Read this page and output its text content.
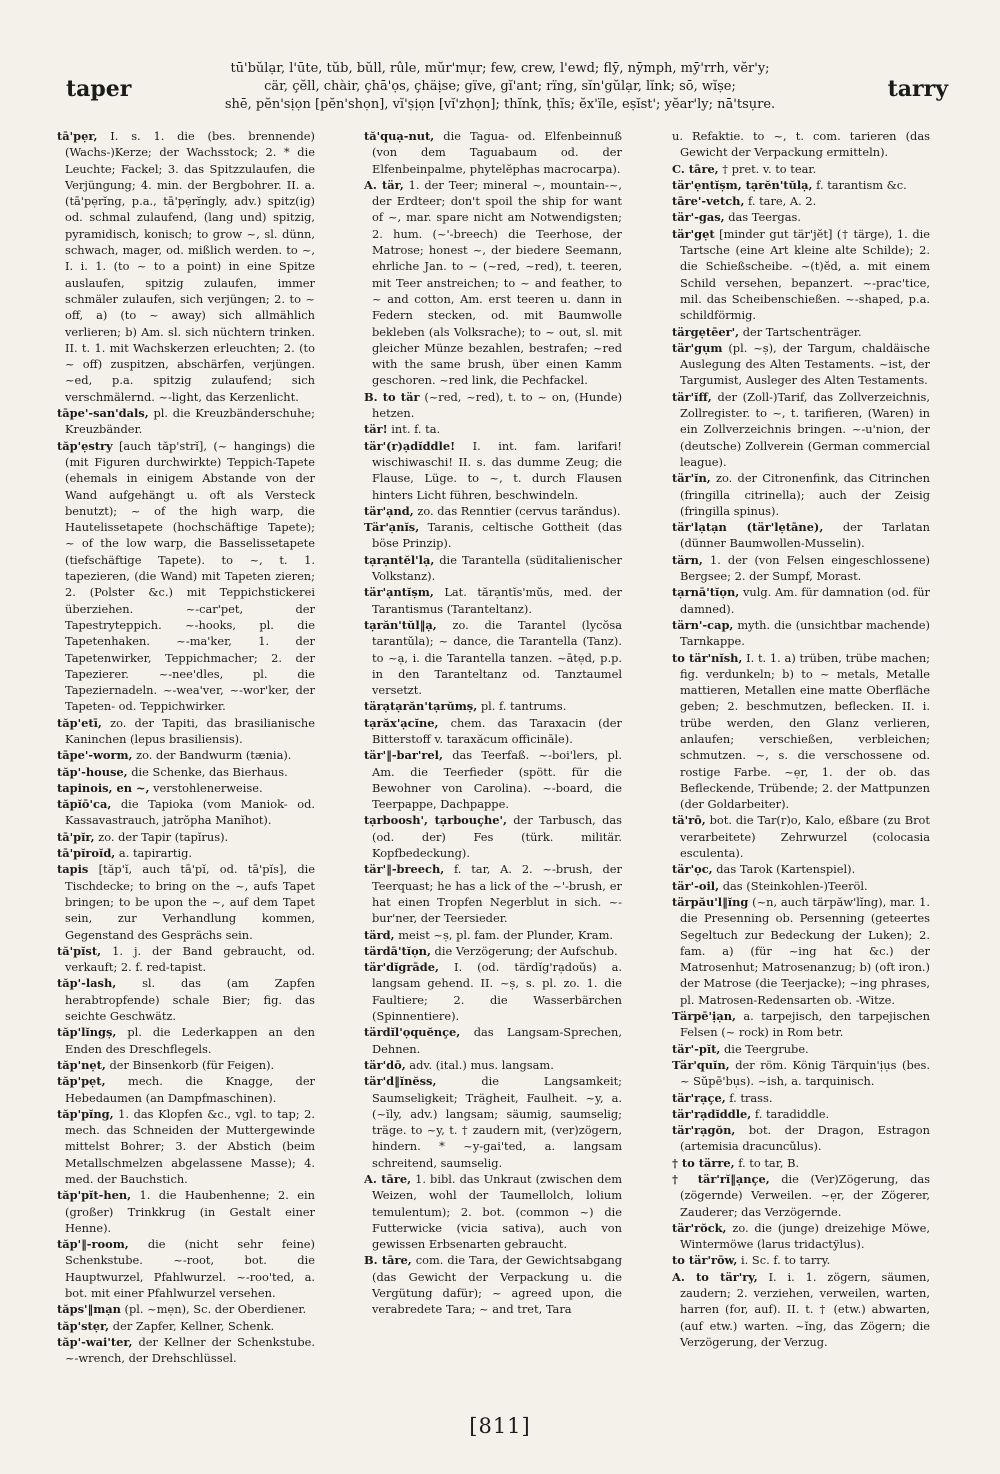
taper
tū'bŭlạr, l'ūte, tŭb, bŭll, rûle, mŭr'mụr; few, crew, l'ewd; flȳ, nȳmph, mȳ'rrh, vĕr'y;
cär, çĕll, chàir, çhā'ọs, çhäịse; gïve, gĭ'ant; rïng, sĭn'gŭlạr, lĭnk; sō, wĭṣe;
shē, pĕn'sịọn [pĕn'shọn], vĭ'ṣịọn [vĭ'zhọn]; thĭnk, ṭhĭs; ĕx'ïle, eṣĭst'; yĕar'ly; nā'tsụre.
tarry

tā'pẹr, I. s. 1. die (bes. brennende) (Wachs-)Kerze; der Wachsstock; 2. * die Leuchte; Fackel; 3. das Spitzzulaufen, die Verjüngung; 4. min. der Bergbohrer. II. a. (tā'pẹrĭng, p.a., tā'pẹrĭngly, adv.) spitz(ig) od. schmal zulaufend, (lang und) spitzig, pyramidisch, konisch; to grow ~, sl. dünn, schwach, mager, od. mißlich werden. to ~, I. i. 1. (to ~ to a point) in eine Spitze auslaufen, spitzig zulaufen, immer schmäler zulaufen, sich verjüngen; 2. to ~ off, a) (to ~ away) sich allmählich verlieren; b) Am. sl. sich nüchtern trinken. II. t. 1. mit Wachskerzen erleuchten; 2. (to ~ off) zuspitzen, abschärfen, verjüngen. ~ed, p.a. spitzig zulaufend; sich verschmälernd. ~-light, das Kerzenlicht.

tāpe'-san'dals, pl. die Kreuzbänderschuhe; Kreuzbänder.

tăp'ẹstry [auch tăp'strĭ], (~ hangings) die (mit Figuren durchwirkte) Teppich-Tapete (ehemals in einigem Abstande von der Wand aufgehängt u. oft als Versteck benutzt); ~ of the high warp, die Hautelissetapete (hochschäftige Tapete); ~ of the low warp, die Basselissetapete (tiefschäftige Tapete). to ~, t. 1. tapezieren, (die Wand) mit Tapeten zieren; 2. (Polster &c.) mit Teppichstickerei überziehen. ~-car'pet, der Tapestryteppich. ~-hooks, pl. die Tapetenhaken. ~-ma'ker, 1. der Tapetenwirker, Teppichmacher; 2. der Tapezierer. ~-nee'dles, pl. die Tapeziernadeln. ~-wea'ver, ~-wor'ker, der Tapeten- od. Teppichwirker.

tăp'etī, zo. der Tapiti, das brasilianische Kaninchen (lepus brasiliensis).

tāpe'-worm, zo. der Bandwurm (tænia).

tăp'-house, die Schenke, das Bierhaus.

tapinois, en ~, verstohlenerweise.

tăpĭō'ca, die Tapioka (vom Maniok- od. Kassavastrauch, jatrŏpha Manĭhot).

tā'pĭr, zo. der Tapir (tapĭrus).

tā'pĭroĭd, a. tapirartig.

tapis [tăp'ĭ, auch tā'pĭ, od. tā'pĭs], die Tischdecke; to bring on the ~, aufs Tapet bringen; to be upon the ~, auf dem Tapet sein, zur Verhandlung kommen, Gegenstand des Gesprächs sein.

tă'pĭst, 1. j. der Band gebraucht, od. verkauft; 2. f. red-tapist.

tăp'-lash, sl. das (am Zapfen herabtropfende) schale Bier; fig. das seichte Geschwätz.

tăp'lĭngṣ, pl. die Lederkappen an den Enden des Dreschflegels.

tăp'nẹt, der Binsenkorb (für Feigen).

tăp'pẹt, mech. die Knagge, der Hebedaumen (an Dampfmaschinen).

tăp'pĭng, 1. das Klopfen &c., vgl. to tap; 2. mech. das Schneiden der Muttergewinde mittelst Bohrer; 3. der Abstich (beim Metallschmelzen abgelassene Masse); 4. med. der Bauchstich.

tăp'pĭt-hen, 1. die Haubenhenne; 2. ein (großer) Trinkkrug (in Gestalt einer Henne).

tăp'‖-room, die (nicht sehr feine) Schenkstube. ~-root, bot. die Hauptwurzel, Pfahlwurzel. ~-roo'ted, a. bot. mit einer Pfahlwurzel versehen.

tăps'‖mạn (pl. ~mẹn), Sc. der Oberdiener.

tăp'stẹr, der Zapfer, Kellner, Schenk.

tăp'-wai'ter, der Kellner der Schenkstube. ~-wrench, der Drehschlüssel.

tă'quạ-nut, die Tagua- od. Elfenbeinnuß (von dem Taguabaum od. der Elfenbeinpalme, phytelĕphas macrocarpa).

A. tär, 1. der Teer; mineral ~, mountain-~, der Erdteer; don't spoil the ship for want of ~, mar. spare nicht am Notwendigsten; 2. hum. (~'-breech) die Teerhose, der Matrose; honest ~, der biedere Seemann, ehrliche Jan. to ~ (~red, ~red), t. teeren, mit Teer anstreichen; to ~ and feather, to ~ and cotton, Am. erst teeren u. dann in Federn stecken, od. mit Baumwolle bekleben (als Volksrache); to ~ out, sl. mit gleicher Münze bezahlen, bestrafen; ~red with the same brush, über einen Kamm geschoren. ~red link, die Pechfackel.

B. to tär (~red, ~red), t. to ~ on, (Hunde) hetzen.

tär! int. f. ta.

tär'(r)ạdĭddle! I. int. fam. larifari! wischiwaschi! II. s. das dumme Zeug; die Flause, Lüge. to ~, t. durch Flausen hinters Licht führen, beschwindeln.

tär'ạnd, zo. das Renntier (cervus tarăndus).

Tär'ạnĭs, Taranis, celtische Gottheit (das böse Prinzip).

tạrạntĕl'lạ, die Tarantella (süditalienischer Volkstanz).

tär'ạntĭṣm, Lat. tărạntĭs'mŭs, med. der Tarantismus (Taranteltanz).

tạrăn'tŭl‖ạ, zo. die Tarantel (lycŏsa tarantŭla); ~ dance, die Tarantella (Tanz). to ~ạ, i. die Tarantella tanzen. ~ātẹd, p.p. in den Taranteltanz od. Tanztaumel versetzt.

tärạtạrăn'tạrŭmṣ, pl. f. tantrums.

tạrăx'ạcĭne, chem. das Taraxacin (der Bitterstoff v. taraxăcum officināle).

tär'‖-bar'rel, das Teerfaß. ~-boi'lers, pl. Am. die Teerfieder (spött. für die Bewohner von Carolina). ~-board, die Teerpappe, Dachpappe.

tạrboosh', tạrbouçhe', der Tarbusch, das (od. der) Fes (türk. militär. Kopfbedeckung).

tär'‖-breech, f. tar, A. 2. ~-brush, der Teerquast; he has a lick of the ~'-brush, er hat einen Tropfen Negerblut in sich. ~-bur'ner, der Teersieder.

tärd, meist ~ṣ, pl. fam. der Plunder, Kram.

tärdā'tĭọn, die Verzögerung; der Aufschub.

tär'dĭgrāde, I. (od. tärdĭg'rạdoŭs) a. langsam gehend. II. ~ṣ, s. pl. zo. 1. die Faultiere; 2. die Wasserbärchen (Spinnentiere).

tärdĭl'ọquĕnçe, das Langsam-Sprechen, Dehnen.

tär'dō, adv. (ital.) mus. langsam.

tär'd‖ĭnĕss,	die Langsamkeit; Saumseligkeit; Trägheit, Faulheit. ~y, a. (~ĭly, adv.) langsam; säumig, saumselig; träge. to ~y, t. † zaudern mit, (ver)zögern, hindern. * ~y-gai'ted, a. langsam schreitend, saumselig.

A. tāre, 1. bibl. das Unkraut (zwischen dem Weizen, wohl der Taumellolch, lolium temulentum); 2. bot. (common ~) die Futterwicke (vicia sativa), auch von gewissen Erbsenarten gebraucht.

B. tāre, com. die Tara, der Gewichtsabgang (das Gewicht der Verpackung u. die Vergütung dafür); ~ agreed upon, die verabredete Tara; ~ and tret, Tara

u. Refaktie. to ~, t. com. tarieren (das Gewicht der Verpackung ermitteln).

C. tāre, † pret. v. to tear.

tär'ẹntĭṣm, tạrĕn'tŭlạ, f. tarantism &c.

tāre'-vetch, f. tare, A. 2.

tär'-gas, das Teergas.

tär'gẹt [minder gut tär'jĕt] († tärge), 1. die Tartsche (eine Art kleine alte Schilde); 2. die Schießscheibe. ~(t)ĕd, a. mit einem Schild versehen, bepanzert. ~-prac'tice, mil. das Scheibenschießen. ~-shaped, p.a. schildförmig.

tärgẹtēer', der Tartschenträger.

tär'gụm (pl. ~ṣ), der Targum, chaldäische Auslegung des Alten Testaments. ~ist, der Targumist, Ausleger des Alten Testaments.

tär'ĭff, der (Zoll-)Tarif, das Zollverzeichnis, Zollregister. to ~, t. tarifieren, (Waren) in ein Zollverzeichnis bringen. ~-u'nion, der (deutsche) Zollverein (German commercial league).

tär'ĭn, zo. der Citronenfink, das Citrinchen (fringilla citrinella); auch der Zeisig (fringilla spinus).

tär'lạtạn (tär'lẹtāne), der Tarlatan (dünner Baumwollen-Musselin).

tärn, 1. der (von Felsen eingeschlossene) Bergsee; 2. der Sumpf, Morast.

tạrnā'tĭọn, vulg. Am. für damnation (od. für damned).

tärn'-cap, myth. die (unsichtbar machende) Tarnkappe.

to tär'nĭsh, I. t. 1. a) trüben, trübe machen; fig. verdunkeln; b) to ~ metals, Metalle mattieren, Metallen eine matte Oberfläche geben; 2. beschmutzen, beflecken. II. i. trübe werden, den Glanz verlieren, anlaufen; verschießen, verbleichen; schmutzen. ~, s. die verschossene od. rostige Farbe. ~ẹr, 1. der ob. das Befleckende, Trübende; 2. der Mattpunzen (der Goldarbeiter).

tä'rō, bot. die Tar(r)o, Kalo, eßbare (zu Brot verarbeitete) Zehrwurzel (colocasia esculenta).

tär'ọc, das Tarok (Kartenspiel).

tär'-oil, das (Steinkohlen-)Teeröl.

tärpău'l‖ĭng (~n, auch tärpăw'lĭng), mar. 1. die Presenning ob. Persenning (geteertes Segeltuch zur Bedeckung der Luken); 2. fam. a) (für ~ing hat &c.) der Matrosenhut; Matrosenanzug; b) (oft iron.) der Matrose (die Teerjacke); ~ing phrases, pl. Matrosen-Redensarten ob. -Witze.

Tärpē'ịạn, a. tarpejisch, den tarpejischen Felsen (~ rock) in Rom betr.

tär'-pĭt, die Teergrube.

Tär'quĭn, der röm. König Tärqui̇n'ịụs (bes. ~ Sŭpē'bụs). ~ish, a. tarquinisch.

tär'rạçe, f. trass.

tär'rạdĭddle, f. taradiddle.

tär'rạgŏn, bot. der Dragon, Estragon (artemisia dracuncŭlus).

† to tärre, f. to tar, B.

† tär'rĭ‖ạnçe, die (Ver)Zögerung, das (zögernde) Verweilen. ~ẹr, der Zögerer, Zauderer; das Verzögernde.

tär'rŏck, zo. die (junge) dreizehige Möwe, Wintermöwe (larus tridactўlus).

to tär'rōw, i. Sc. f. to tarry.

A. to tär'ry, I. i. 1. zögern, säumen, zaudern; 2. verziehen, verweilen, warten, harren (for, auf). II. t. † (etw.) abwarten, (auf etw.) warten. ~ĭng, das Zögern; die Verzögerung, der Verzug.

[811]
